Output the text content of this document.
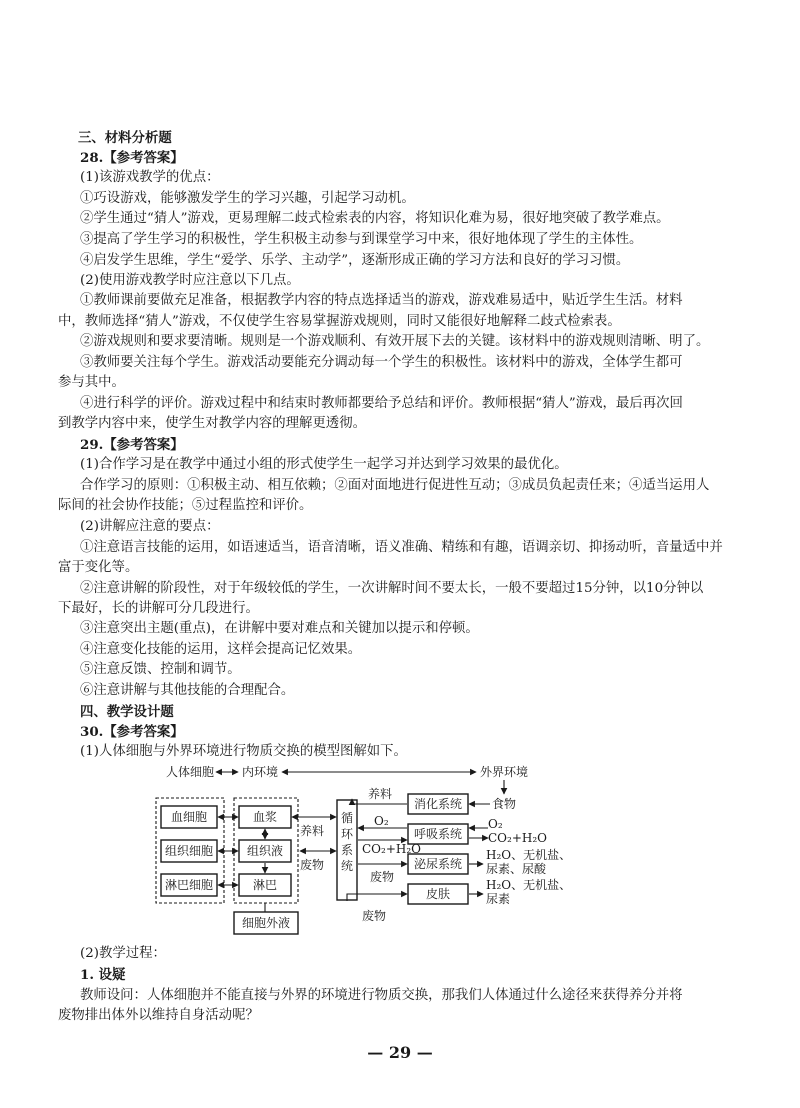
三、材料分析题
28.【参考答案】
(1)该游戏教学的优点：
①巧设游戏，能够激发学生的学习兴趣，引起学习动机。
②学生通过“猜人”游戏，更易理解二歧式检索表的内容，将知识化难为易，很好地突破了教学难点。
③提高了学生学习的积极性，学生积极主动参与到课堂学习中来，很好地体现了学生的主体性。
④启发学生思维，学生“爱学、乐学、主动学”，逐渐形成正确的学习方法和良好的学习习惯。
(2)使用游戏教学时应注意以下几点。
①教师课前要做充足准备，根据教学内容的特点选择适当的游戏，游戏难易适中，贴近学生生活。材料
中，教师选择“猜人”游戏，不仅使学生容易掌握游戏规则，同时又能很好地解释二歧式检索表。
②游戏规则和要求要清晰。规则是一个游戏顺利、有效开展下去的关键。该材料中的游戏规则清晰、明了。
③教师要关注每个学生。游戏活动要能充分调动每一个学生的积极性。该材料中的游戏，全体学生都可
参与其中。
④进行科学的评价。游戏过程中和结束时教师都要给予总结和评价。教师根据“猜人”游戏，最后再次回
到教学内容中来，使学生对教学内容的理解更透彻。
29.【参考答案】
(1)合作学习是在教学中通过小组的形式使学生一起学习并达到学习效果的最优化。
合作学习的原则：①积极主动、相互依赖；②面对面地进行促进性互动；③成员负起责任来；④适当运用人
际间的社会协作技能；⑤过程监控和评价。
(2)讲解应注意的要点：
①注意语言技能的运用，如语速适当，语音清晰，语义准确、精练和有趣，语调亲切、抑扬动听，音量适中并
富于变化等。
②注意讲解的阶段性，对于年级较低的学生，一次讲解时间不要太长，一般不要超过15分钟，以10分钟以
下最好，长的讲解可分几段进行。
③注意突出主题(重点)，在讲解中要对难点和关键加以提示和停顿。
④注意变化技能的运用，这样会提高记忆效果。
⑤注意反馈、控制和调节。
⑥注意讲解与其他技能的合理配合。
四、教学设计题
30.【参考答案】
(1)人体细胞与外界环境进行物质交换的模型图解如下。
人体细胞 内环境	外界环境
血细胞
组织细胞
淋巴细胞
血浆
组织液
淋巴
细胞外液
养料
废物
循
环
系
统
消化系统
呼吸系统
泌尿系统
皮肤
养料
O₂
CO₂+H₂O
废物
废物
食物
O₂
CO₂+H₂O
H₂O、无机盐、
尿素、尿酸
H₂O、无机盐、
尿素
(2)教学过程：
1. 设疑
教师设问：人体细胞并不能直接与外界的环境进行物质交换，那我们人体通过什么途径来获得养分并将
废物排出体外以维持自身活动呢？
— 29 —
